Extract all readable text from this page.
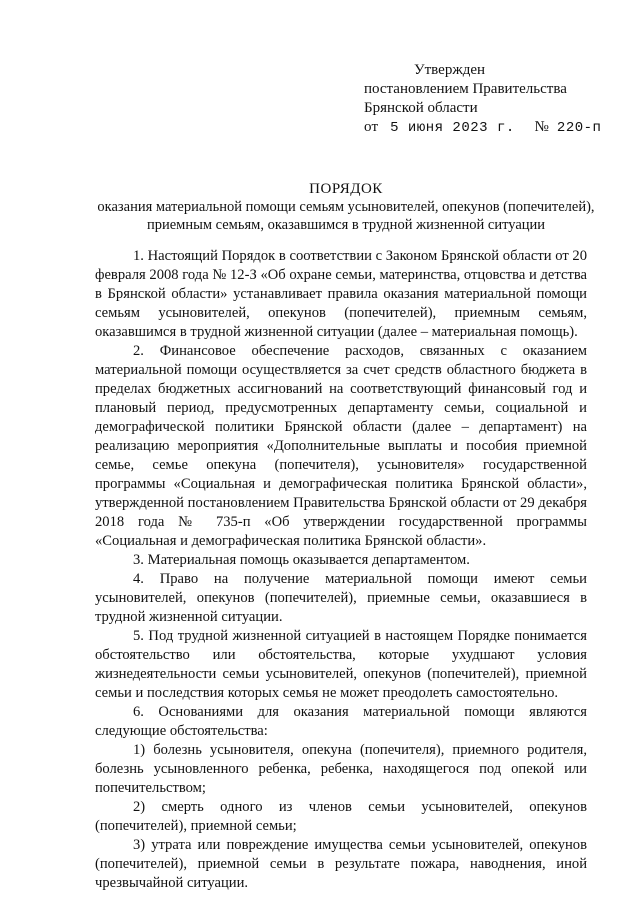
Утвержден
постановлением Правительства
Брянской области
от 5 июня 2023 г. № 220-п
ПОРЯДОК
оказания материальной помощи семьям усыновителей, опекунов (попечителей), приемным семьям, оказавшимся в трудной жизненной ситуации

1. Настоящий Порядок в соответствии с Законом Брянской области от 20 февраля 2008 года № 12-З «Об охране семьи, материнства, отцовства и детства в Брянской области» устанавливает правила оказания материальной помощи семьям усыновителей, опекунов (попечителей), приемным семьям, оказавшимся в трудной жизненной ситуации (далее – материальная помощь).

2. Финансовое обеспечение расходов, связанных с оказанием материальной помощи осуществляется за счет средств областного бюджета в пределах бюджетных ассигнований на соответствующий финансовый год и плановый период, предусмотренных департаменту семьи, социальной и демографической политики Брянской области (далее – департамент) на реализацию мероприятия «Дополнительные выплаты и пособия приемной семье, семье опекуна (попечителя), усыновителя» государственной программы «Социальная и демографическая политика Брянской области», утвержденной постановлением Правительства Брянской области от 29 декабря 2018 года № 735-п «Об утверждении государственной программы «Социальная и демографическая политика Брянской области».

3. Материальная помощь оказывается департаментом.

4. Право на получение материальной помощи имеют семьи усыновителей, опекунов (попечителей), приемные семьи, оказавшиеся в трудной жизненной ситуации.

5. Под трудной жизненной ситуацией в настоящем Порядке понимается обстоятельство или обстоятельства, которые ухудшают условия жизнедеятельности семьи усыновителей, опекунов (попечителей), приемной семьи и последствия которых семья не может преодолеть самостоятельно.

6. Основаниями для оказания материальной помощи являются следующие обстоятельства:

1) болезнь усыновителя, опекуна (попечителя), приемного родителя, болезнь усыновленного ребенка, ребенка, находящегося под опекой или попечительством;

2) смерть одного из членов семьи усыновителей, опекунов (попечителей), приемной семьи;

3) утрата или повреждение имущества семьи усыновителей, опекунов (попечителей), приемной семьи в результате пожара, наводнения, иной чрезвычайной ситуации.
